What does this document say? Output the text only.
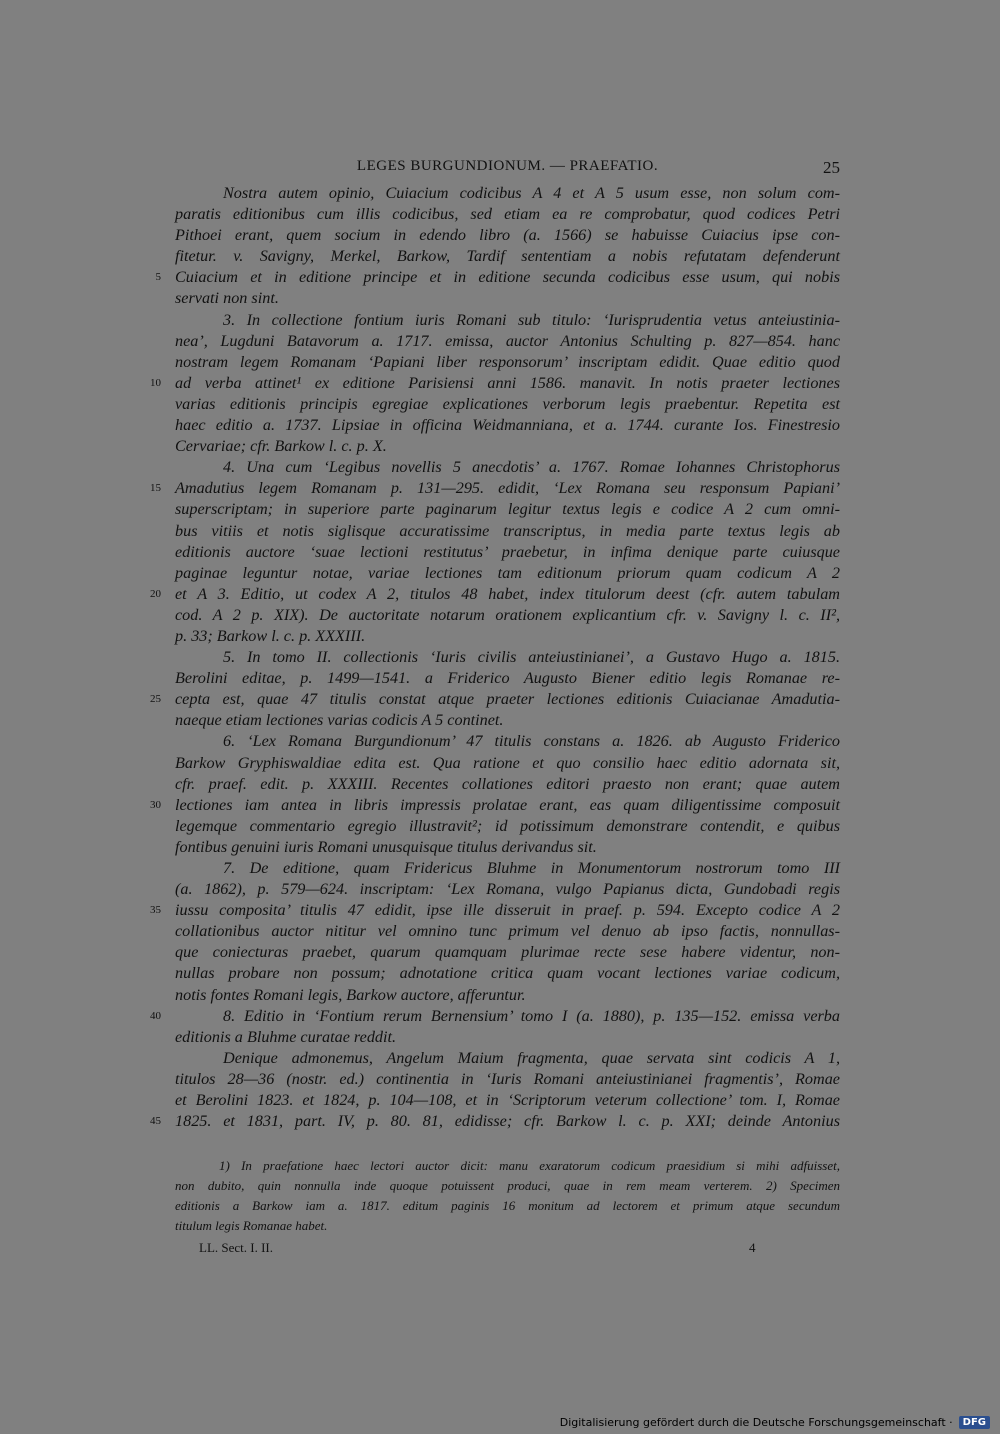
LEGES BURGUNDIONUM. — PRAEFATIO.	25
Nostra autem opinio, Cuiacium codicibus A 4 et A 5 usum esse, non solum com-
paratis editionibus cum illis codicibus, sed etiam ea re comprobatur, quod codices Petri
Pithoei erant, quem socium in edendo libro (a. 1566) se habuisse Cuiacius ipse con-
fitetur. v. Savigny, Merkel, Barkow, Tardif sententiam a nobis refutatam defenderunt
5 Cuiacium et in editione principe et in editione secunda codicibus esse usum, qui nobis
servati non sint.
3. In collectione fontium iuris Romani sub titulo: ‘Iurisprudentia vetus anteiustinia-
nea’, Lugduni Batavorum a. 1717. emissa, auctor Antonius Schulting p. 827—854. hanc
nostram legem Romanam ‘Papiani liber responsorum’ inscriptam edidit. Quae editio quod
10 ad verba attinet¹ ex editione Parisiensi anni 1586. manavit. In notis praeter lectiones
varias editionis principis egregiae explicationes verborum legis praebentur. Repetita est
haec editio a. 1737. Lipsiae in officina Weidmanniana, et a. 1744. curante Ios. Finestresio
Cervariae; cfr. Barkow l. c. p. X.
4. Una cum ‘Legibus novellis 5 anecdotis’ a. 1767. Romae Iohannes Christophorus
15 Amadutius legem Romanam p. 131—295. edidit, ‘Lex Romana seu responsum Papiani’
superscriptam; in superiore parte paginarum legitur textus legis e codice A 2 cum omni-
bus vitiis et notis siglisque accuratissime transcriptus, in media parte textus legis ab
editionis auctore ‘suae lectioni restitutus’ praebetur, in infima denique parte cuiusque
paginae leguntur notae, variae lectiones tam editionum priorum quam codicum A 2
20 et A 3. Editio, ut codex A 2, titulos 48 habet, index titulorum deest (cfr. autem tabulam
cod. A 2 p. XIX). De auctoritate notarum orationem explicantium cfr. v. Savigny l. c. II²,
p. 33; Barkow l. c. p. XXXIII.
5. In tomo II. collectionis ‘Iuris civilis anteiustinianei’, a Gustavo Hugo a. 1815.
Berolini editae, p. 1499—1541. a Friderico Augusto Biener editio legis Romanae re-
25 cepta est, quae 47 titulis constat atque praeter lectiones editionis Cuiacianae Amadutia-
naeque etiam lectiones varias codicis A 5 continet.
6. ‘Lex Romana Burgundionum’ 47 titulis constans a. 1826. ab Augusto Friderico
Barkow Gryphiswaldiae edita est. Qua ratione et quo consilio haec editio adornata sit,
cfr. praef. edit. p. XXXIII. Recentes collationes editori praesto non erant; quae autem
30 lectiones iam antea in libris impressis prolatae erant, eas quam diligentissime composuit
legemque commentario egregio illustravit²; id potissimum demonstrare contendit, e quibus
fontibus genuini iuris Romani unusquisque titulus derivandus sit.
7. De editione, quam Fridericus Bluhme in Monumentorum nostrorum tomo III
(a. 1862), p. 579—624. inscriptam: ‘Lex Romana, vulgo Papianus dicta, Gundobadi regis
35 iussu composita’ titulis 47 edidit, ipse ille disseruit in praef. p. 594. Excepto codice A 2
collationibus auctor nititur vel omnino tunc primum vel denuo ab ipso factis, nonnullas-
que coniecturas praebet, quarum quamquam plurimae recte sese habere videntur, non-
nullas probare non possum; adnotatione critica quam vocant lectiones variae codicum,
notis fontes Romani legis, Barkow auctore, afferuntur.
40	8. Editio in ‘Fontium rerum Bernensium’ tomo I (a. 1880), p. 135—152. emissa verba
editionis a Bluhme curatae reddit.
Denique admonemus, Angelum Maium fragmenta, quae servata sint codicis A 1,
titulos 28—36 (nostr. ed.) continentia in ‘Iuris Romani anteiustinianei fragmentis’, Romae
et Berolini 1823. et 1824, p. 104—108, et in ‘Scriptorum veterum collectione’ tom. I, Romae
45 1825. et 1831, part. IV, p. 80. 81, edidisse; cfr. Barkow l. c. p. XXI; deinde Antonius
1) In praefatione haec lectori auctor dicit: manu exaratorum codicum praesidium si mihi adfuisset,
non dubito, quin nonnulla inde quoque potuissent produci, quae in rem meam verterem. 2) Specimen
editionis a Barkow iam a. 1817. editum paginis 16 monitum ad lectorem et primum atque secundum
titulum legis Romanae habet.
LL. Sect. I. II.	4
Digitalisierung gefördert durch die Deutsche Forschungsgemeinschaft ·	DFG
